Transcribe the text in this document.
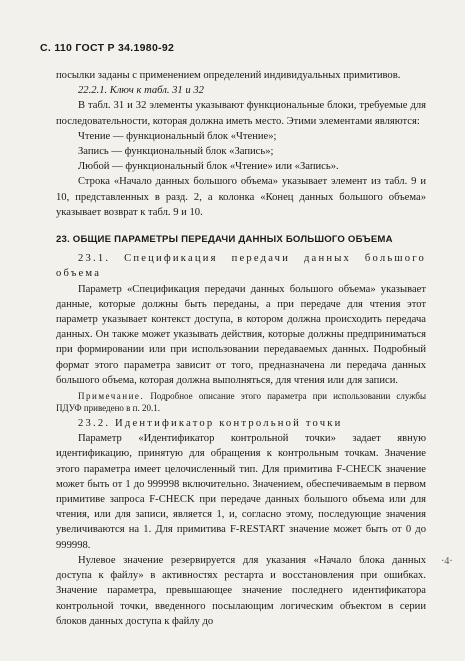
С. 110 ГОСТ Р 34.1980-92

посылки заданы с применением определений индивидуальных примитивов.

22.2.1. Ключ к табл. 31 и 32

В табл. 31 и 32 элементы указывают функциональные блоки, требуемые для последовательности, которая должна иметь место. Этими элементами являются:

Чтение — функциональный блок «Чтение»;

Запись — функциональный блок «Запись»;

Любой — функциональный блок «Чтение» или «Запись».

Строка «Начало данных большого объема» указывает элемент из табл. 9 и 10, представленных в разд. 2, а колонка «Конец данных большого объема» указывает возврат к табл. 9 и 10.

23. ОБЩИЕ ПАРАМЕТРЫ ПЕРЕДАЧИ ДАННЫХ БОЛЬШОГО ОБЪЕМА

23.1. Спецификация передачи данных большого объема

Параметр «Спецификация передачи данных большого объема» указывает данные, которые должны быть переданы, а при передаче для чтения этот параметр указывает контекст доступа, в котором должна происходить передача данных. Он также может указывать действия, которые должны предприниматься при формировании или при использовании передаваемых данных. Подробный формат этого параметра зависит от того, предназначена ли передача данных большого объема, которая должна выполняться, для чтения или для записи.

Примечание. Подробное описание этого параметра при использовании службы ПДУФ приведено в п. 20.1.

23.2. Идентификатор контрольной точки

Параметр «Идентификатор контрольной точки» задает явную идентификацию, принятую для обращения к контрольным точкам. Значение этого параметра имеет целочисленный тип. Для примитива F-CHECK значение может быть от 1 до 999998 включительно. Значением, обеспечиваемым в первом примитиве запроса F-CHECK при передаче данных большого объема или для чтения, или для записи, является 1, и, согласно этому, последующие значения увеличиваются на 1. Для примитива F-RESTART значение может быть от 0 до 999998.

Нулевое значение резервируется для указания «Начало блока данных доступа к файлу» в активностях рестарта и восстановления при ошибках. Значение параметра, превышающее значение последнего идентификатора контрольной точки, введенного посылающим логическим объектом в серии блоков данных доступа к файлу до

·4·
